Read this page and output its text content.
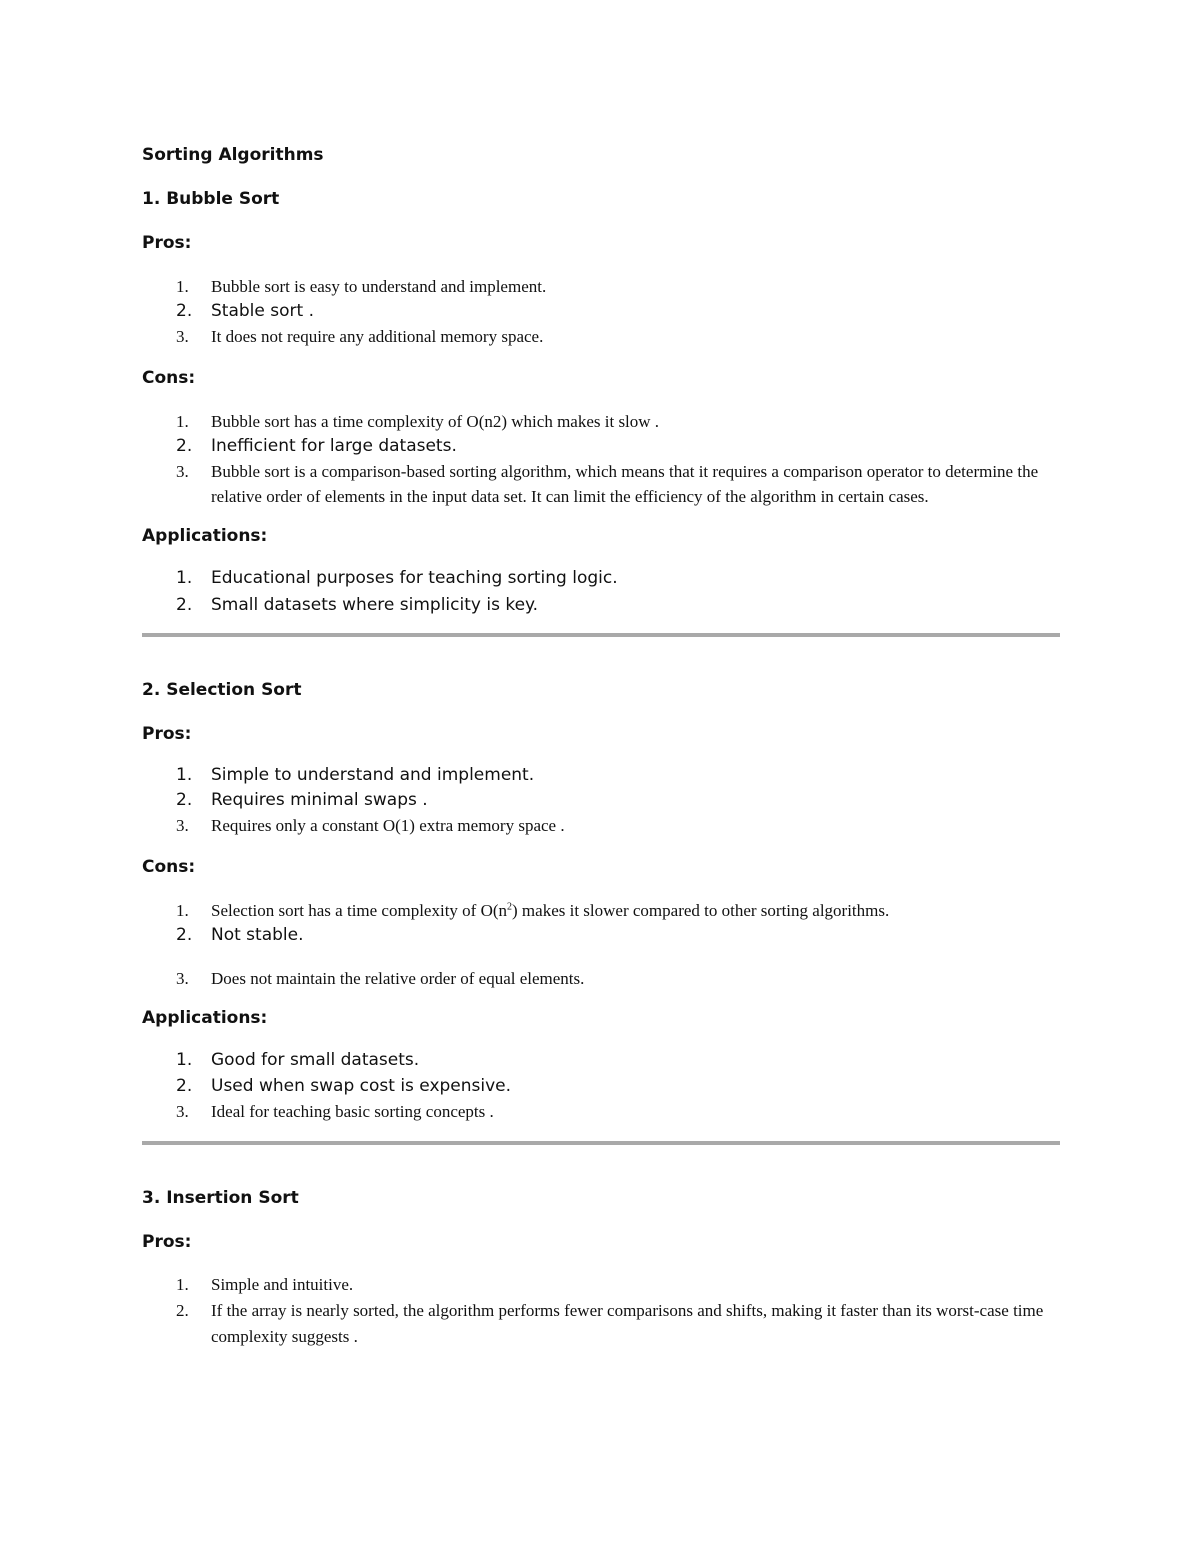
Sorting Algorithms
1. Bubble Sort
Pros:
1.	Bubble sort is easy to understand and implement.
2.	Stable sort .
3.	It does not require any additional memory space.
Cons:
1.	Bubble sort has a time complexity of O(n2) which makes it slow .
2.	Inefficient for large datasets.
3.	Bubble sort is a comparison-based sorting algorithm, which means that it requires a comparison operator to determine the relative order of elements in the input data set. It can limit the efficiency of the algorithm in certain cases.
Applications:
1.	Educational purposes for teaching sorting logic.
2.	Small datasets where simplicity is key.
2. Selection Sort
Pros:
1.	Simple to understand and implement.
2.	Requires minimal swaps .
3.	Requires only a constant O(1) extra memory space .
Cons:
1.	Selection sort has a time complexity of $O(n^2)$ makes it slower compared to other sorting algorithms.
2.	Not stable.
3.	Does not maintain the relative order of equal elements.
Applications:
1.	Good for small datasets.
2.	Used when swap cost is expensive.
3.	Ideal for teaching basic sorting concepts .
3. Insertion Sort
Pros:
1.	Simple and intuitive.
2.	If the array is nearly sorted, the algorithm performs fewer comparisons and shifts, making it faster than its worst-case time complexity suggests .
